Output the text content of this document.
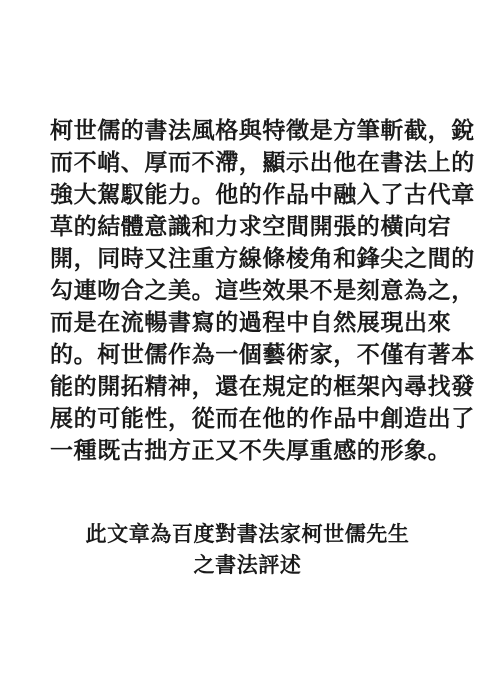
柯世儒的書法風格與特徵是方筆斬截，銳
而不峭、厚而不滯，顯示出他在書法上的
強大駕馭能力。他的作品中融入了古代章
草的結體意識和力求空間開張的橫向宕
開，同時又注重方線條棱角和鋒尖之間的
勾連吻合之美。這些效果不是刻意為之，
而是在流暢書寫的過程中自然展現出來
的。柯世儒作為一個藝術家，不僅有著本
能的開拓精神，還在規定的框架內尋找發
展的可能性，從而在他的作品中創造出了
一種既古拙方正又不失厚重感的形象。
此文章為百度對書法家柯世儒先生
之書法評述
